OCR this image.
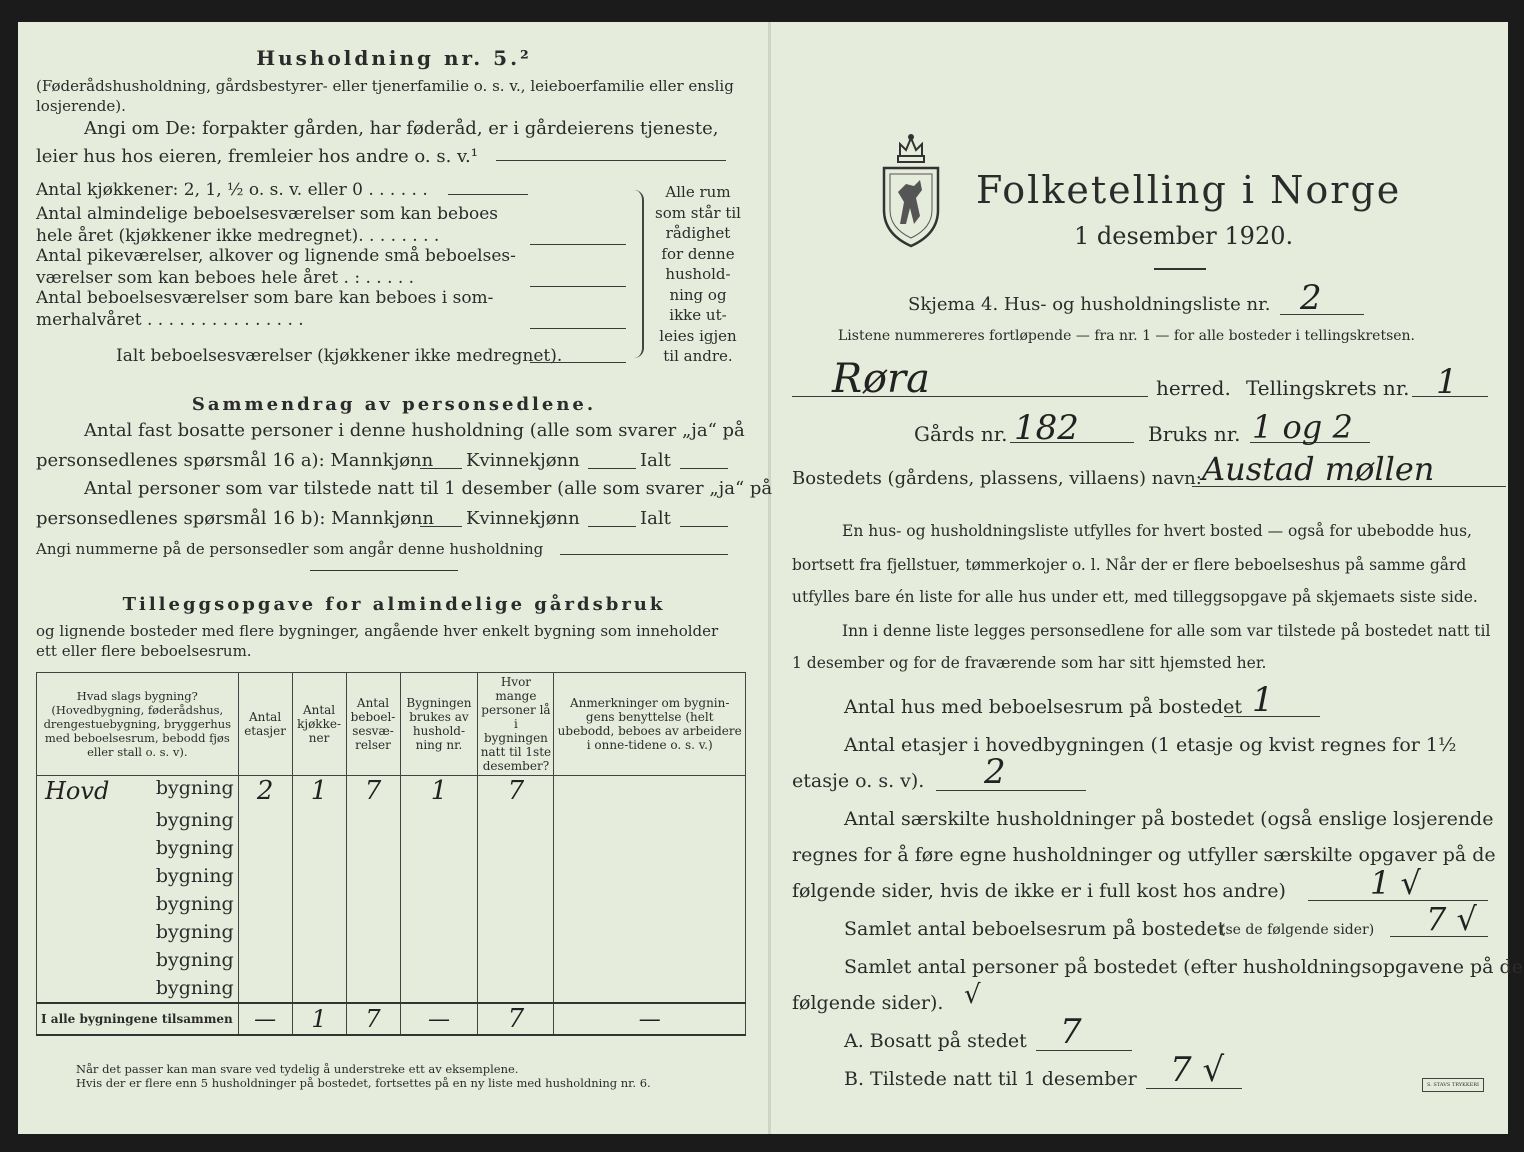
Husholdning nr. 5.²
(Føderådshusholdning, gårdsbestyrer- eller tjenerfamilie o. s. v., leieboerfamilie eller enslig losjerende).
Angi om De: forpakter gården, har føderåd, er i gårdeierens tjeneste,
leier hus hos eieren, fremleier hos andre o. s. v.¹
Antal kjøkkener: 2, 1, ½ o. s. v. eller 0 . . . . . .
Antal almindelige beboelsesværelser som kan beboes
hele året (kjøkkener ikke medregnet). . . . . . . .
Antal pikeværelser, alkover og lignende små beboelses-
værelser som kan beboes hele året . : . . . . .
Antal beboelsesværelser som bare kan beboes i som-
merhalvåret . . . . . . . . . . . . . . .
Ialt beboelsesværelser (kjøkkener ikke medregnet).
Alle rum
som står til
rådighet
for denne
hushold-
ning og
ikke ut-
leies igjen
til andre.
Sammendrag av personsedlene.
Antal fast bosatte personer i denne husholdning (alle som svarer „ja“ på
personsedlenes spørsmål 16 a): Mannkjønn Kvinnekjønn	Ialt
Antal personer som var tilstede natt til 1 desember (alle som svarer „ja“ på
personsedlenes spørsmål 16 b): Mannkjønn Kvinnekjønn	Ialt
Angi nummerne på de personsedler som angår denne husholdning
Tilleggsopgave for almindelige gårdsbruk
og lignende bosteder med flere bygninger, angående hver enkelt bygning som inneholder
ett eller flere beboelsesrum.
Hvad slags bygning?
(Hovedbygning, føderådshus, drengestuebygning, bryggerhus med beboelsesrum, bebodd fjøs eller stall o. s. v).	Antal etasjer	Antal kjøkke-ner	Antal beboel-sesvæ-relser	Bygningen brukes av hushold-ning nr.	Hvor mange personer lå i bygningen natt til 1ste desember?	Anmerkninger om bygnin-gens benyttelse (helt ubebodd, beboes av arbeidere i onne-tidene o. s. v.)

Hovd bygning	2	1	7	1	7	
bygning						
bygning						
bygning						
bygning						
bygning						
bygning						
bygning						
I alle bygningene tilsammen	—	1	7	—	7	—
Når det passer kan man svare ved tydelig å understreke ett av eksemplene.
Hvis der er flere enn 5 husholdninger på bostedet, fortsettes på en ny liste med husholdning nr. 6.
Folketelling i Norge
1 desember 1920.
Skjema 4. Hus- og husholdningsliste nr. 2
Listene nummereres fortløpende — fra nr. 1 — for alle bosteder i tellingskretsen.
Røra	herred. Tellingskrets nr. 1
Gårds nr. 182	Bruks nr. 1 og 2
Bostedets (gårdens, plassens, villaens) navn: Austad møllen
En hus- og husholdningsliste utfylles for hvert bosted — også for ubebodde hus,
bortsett fra fjellstuer, tømmerkojer o. l. Når der er flere beboelseshus på samme gård
utfylles bare én liste for alle hus under ett, med tilleggsopgave på skjemaets siste side.
Inn i denne liste legges personsedlene for alle som var tilstede på bostedet natt til
1 desember og for de fraværende som har sitt hjemsted her.
Antal hus med beboelsesrum på bostedet 1
Antal etasjer i hovedbygningen (1 etasje og kvist regnes for 1½
etasje o. s. v). 2
Antal særskilte husholdninger på bostedet (også enslige losjerende
regnes for å føre egne husholdninger og utfyller særskilte opgaver på de
følgende sider, hvis de ikke er i full kost hos andre)	1 √
Samlet antal beboelsesrum på bostedet
(se de følgende sider) 7 √
Samlet antal personer på bostedet (efter husholdningsopgavene på de
følgende sider). √
A. Bosatt på stedet 7
B. Tilstede natt til 1 desember 7 √	S. STAVS TRYKKERI
